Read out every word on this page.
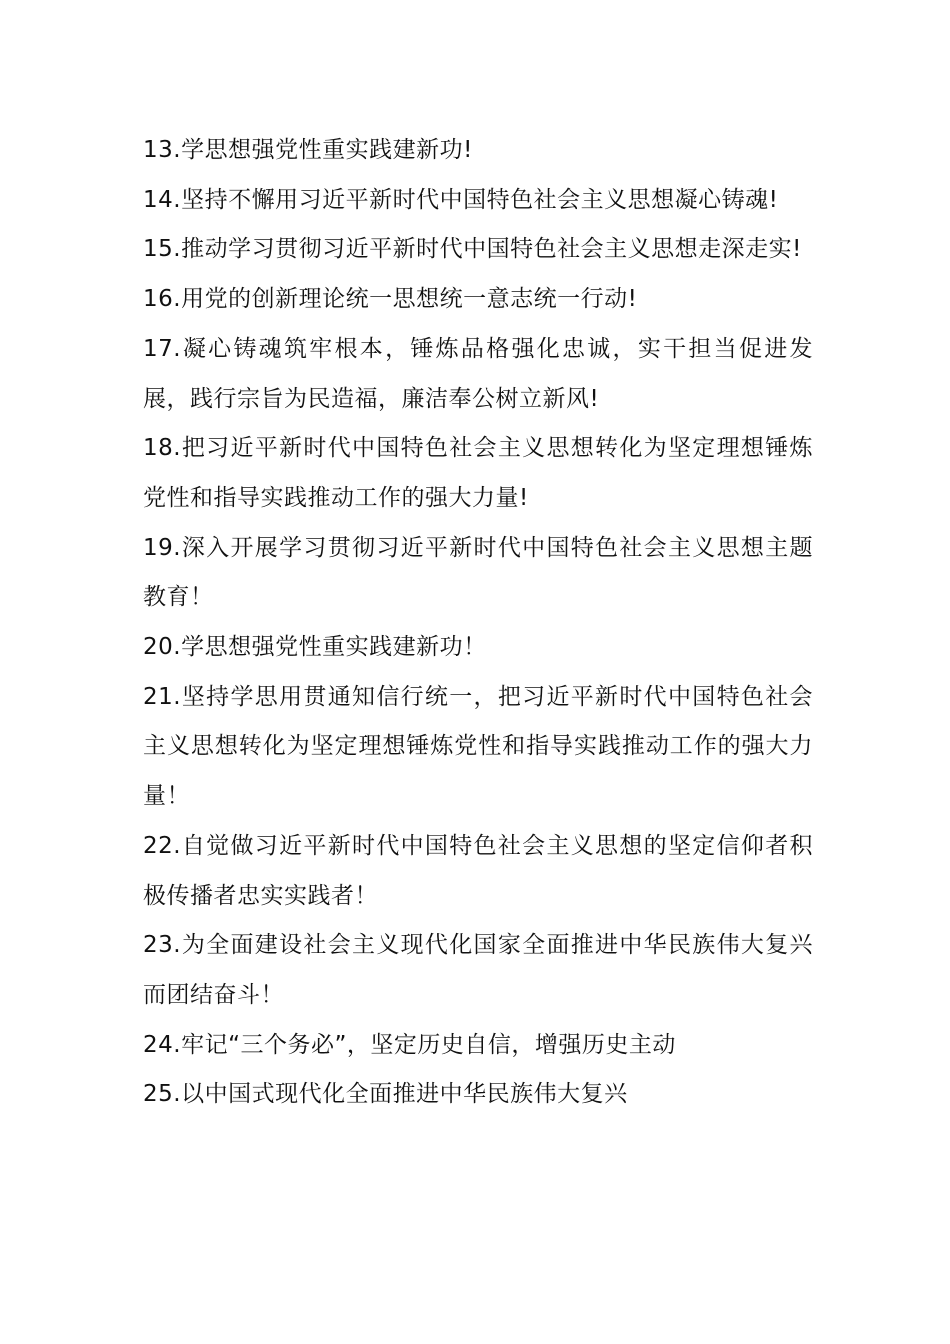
13.学思想强党性重实践建新功!

14.坚持不懈用习近平新时代中国特色社会主义思想凝心铸魂!

15.推动学习贯彻习近平新时代中国特色社会主义思想走深走实!

16.用党的创新理论统一思想统一意志统一行动!

17.凝心铸魂筑牢根本，锤炼品格强化忠诚，实干担当促进发展，践行宗旨为民造福，廉洁奉公树立新风!

18.把习近平新时代中国特色社会主义思想转化为坚定理想锤炼党性和指导实践推动工作的强大力量!

19.深入开展学习贯彻习近平新时代中国特色社会主义思想主题教育！

20.学思想强党性重实践建新功！

21.坚持学思用贯通知信行统一，把习近平新时代中国特色社会主义思想转化为坚定理想锤炼党性和指导实践推动工作的强大力量！

22.自觉做习近平新时代中国特色社会主义思想的坚定信仰者积极传播者忠实实践者！

23.为全面建设社会主义现代化国家全面推进中华民族伟大复兴而团结奋斗！

24.牢记“三个务必”，坚定历史自信，增强历史主动

25.以中国式现代化全面推进中华民族伟大复兴
